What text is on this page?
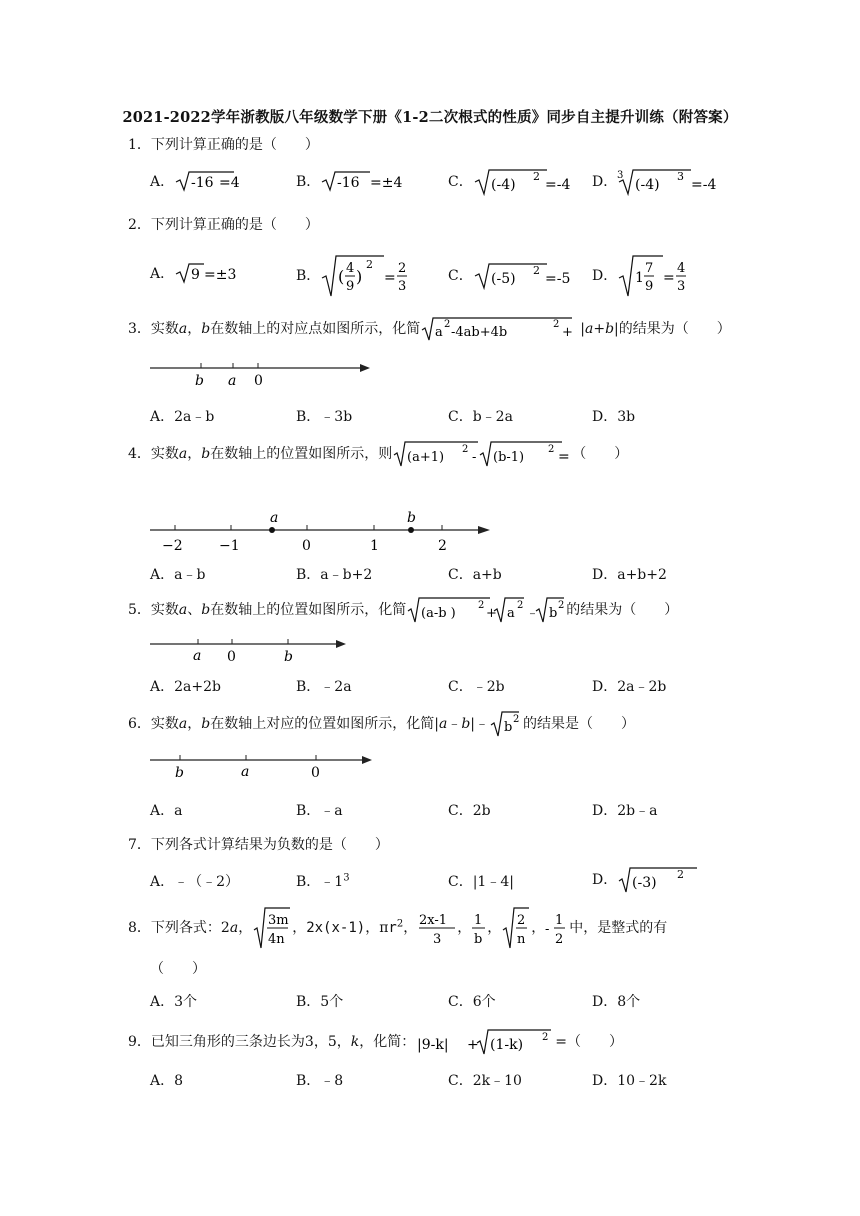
2021-2022学年浙教版八年级数学下册《1-2二次根式的性质》同步自主提升训练（附答案）
1．下列计算正确的是（　　）
A． -16 =4	B． -16 =±4	C． (-4)
2
=-4 D． 3
(-4)
3
=-4
2．下列计算正确的是（　　）
A． 9 =±3	B． ( 4
9
)
2
=
2
3
C． (-5)
2
=-5 D． 1
7
9
=
4
3
3．实数a，b在数轴上的对应点如图所示，化简 a
2
-4ab+4b
2
+ |a+b|的结果为（　　）
b a 0
A．2a﹣b	B．﹣3b	C．b﹣2a	D．3b
4．实数a，b在数轴上的位置如图所示，则 (a+1)
2
- (b-1)
2 = （　　）
−2	−1	0	1	2
a	b
A．a﹣b	B．a﹣b+2	C．a+b	D．a+b+2
5．实数a、b在数轴上的位置如图所示，化简 (a-b )
2
+ a
2
﹣ b
2 的结果为（　　）
a 0	b
A．2a+2b	B．﹣2a	C．﹣2b	D．2a﹣2b
6．实数a，b在数轴上对应的位置如图所示，化简|a﹣b|﹣ b
2 的结果是（　　）
b	a	0
A．a	B．﹣a	C．2b	D．2b﹣a
7．下列各式计算结果为负数的是（　　）
A．﹣（﹣2）	B．$﹣1^3$	C．|1﹣4|	D． (-3)
2
8．下列各式：2a， 3m
4n
，2x(x-1)，$\pi r^2$， 2x-1
3
， 1
b
， 2
n
， -
1
2
中，是整式的有
（　　）
A．3个	B．5个	C．6个	D．8个
9．已知三角形的三条边长为3，5，k，化简： |9-k| + (1-k) 2 =（　　）
A．8	B．﹣8	C．2k﹣10	D．10﹣2k
